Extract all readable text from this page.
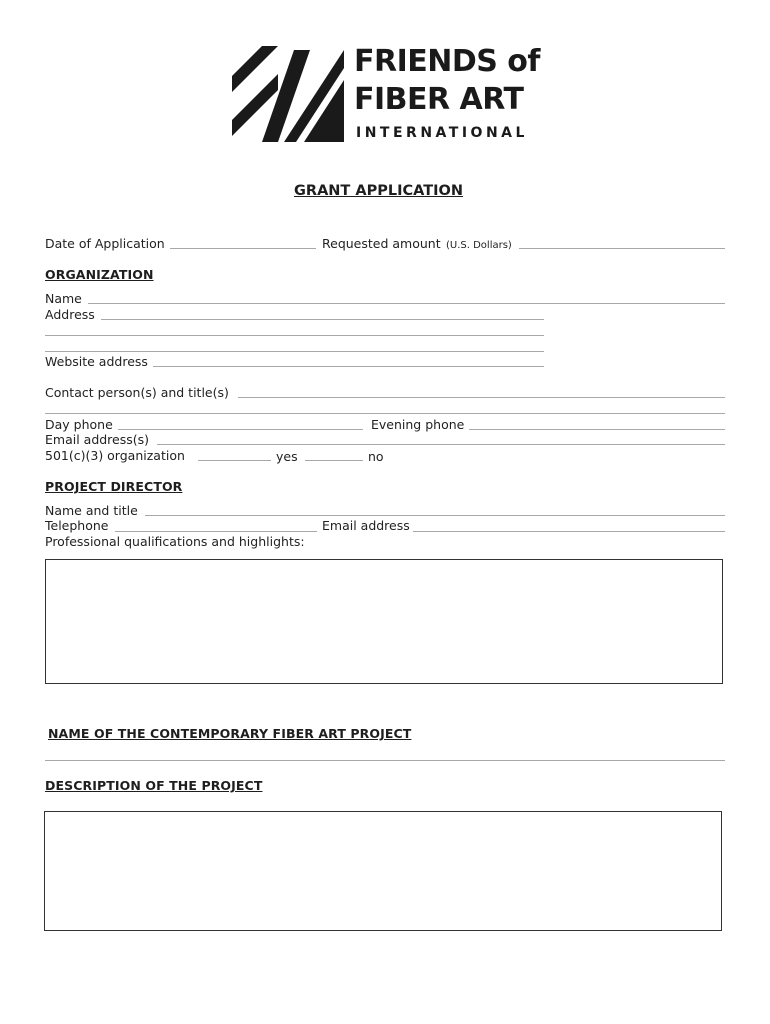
FRIENDS of
FIBER ART
INTERNATIONAL
GRANT APPLICATION
Date of Application	Requested amount (U.S. Dollars)
ORGANIZATION
Name
Address
Website address
Contact person(s) and title(s)
Day phone	Evening phone
Email address(s)
501(c)(3) organization	yes	no
PROJECT DIRECTOR
Name and title
Telephone	Email address
Professional qualifications and highlights:
NAME OF THE CONTEMPORARY FIBER ART PROJECT
DESCRIPTION OF THE PROJECT
